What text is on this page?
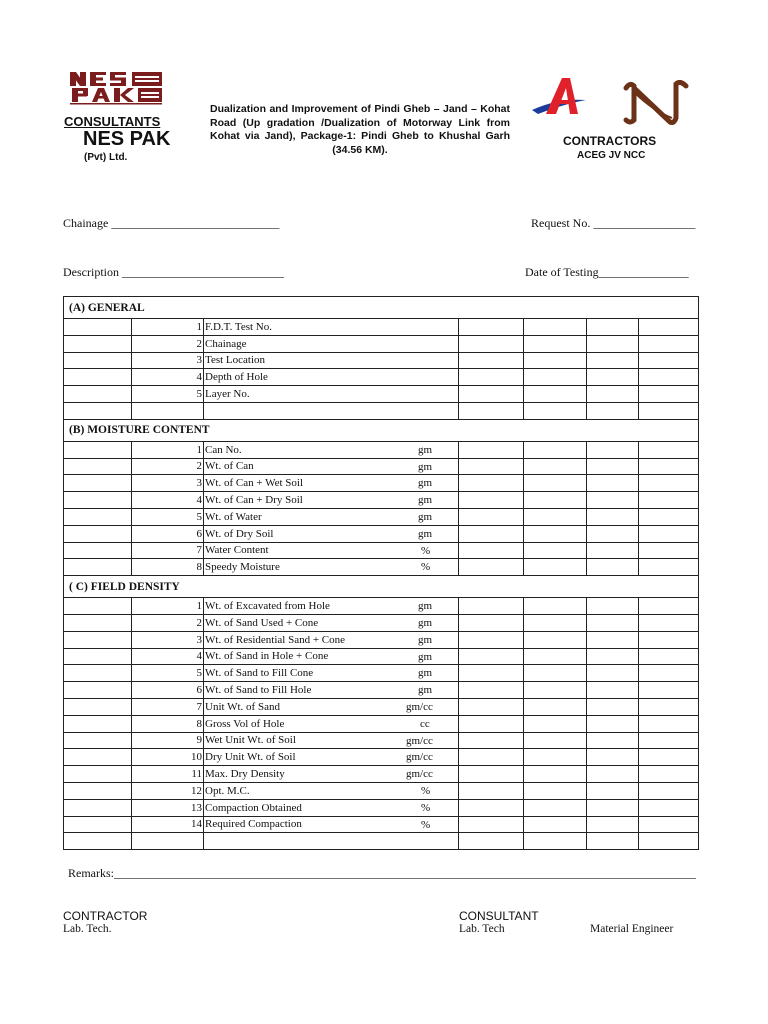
CONSULTANTS
NES PAK
(Pvt) Ltd.
Dualization and Improvement of Pindi Gheb – Jand – Kohat Road (Up gradation /Dualization of Motorway Link from Kohat via Jand), Package-1: Pindi Gheb to Khushal Garh (34.56 KM).
CONTRACTORS
ACEG JV NCC
Chainage ____________________________	Request No. _________________
Description ___________________________	Date of Testing_______________
(A) GENERAL						
	1	F.D.T. Test No.

	2	Chainage

	3	Test Location

	4	Depth of Hole

	5	Layer No.

(B) MOISTURE CONTENT						
	1	Can No. gm				

	2	Wt. of Can gm				

	3	Wt. of Can + Wet Soil gm				

	4	Wt. of Can + Dry Soil gm				

	5	Wt. of Water gm				

	6	Wt. of Dry Soil gm				

	7	Water Content %				

	8	Speedy Moisture %				

( C) FIELD DENSITY						
	1	Wt. of Excavated from Hole gm				

	2	Wt. of Sand Used + Cone gm				

	3	Wt. of Residential Sand + Cone gm				

	4	Wt. of Sand in Hole + Cone gm				

	5	Wt. of Sand to Fill Cone gm				

	6	Wt. of Sand to Fill Hole gm				

	7	Unit Wt. of Sand gm/cc				

	8	Gross Vol of Hole cc				

	9	Wet Unit Wt. of Soil gm/cc				

	10	Dry Unit Wt. of Soil gm/cc				

	11	Max. Dry Density gm/cc				

	12	Opt. M.C. %				

	13	Compaction Obtained %				

	14	Required Compaction %				

Remarks:_________________________________________________________________________________________________
CONTRACTOR
Lab. Tech.
CONSULTANT
Lab. Tech	Material Engineer
